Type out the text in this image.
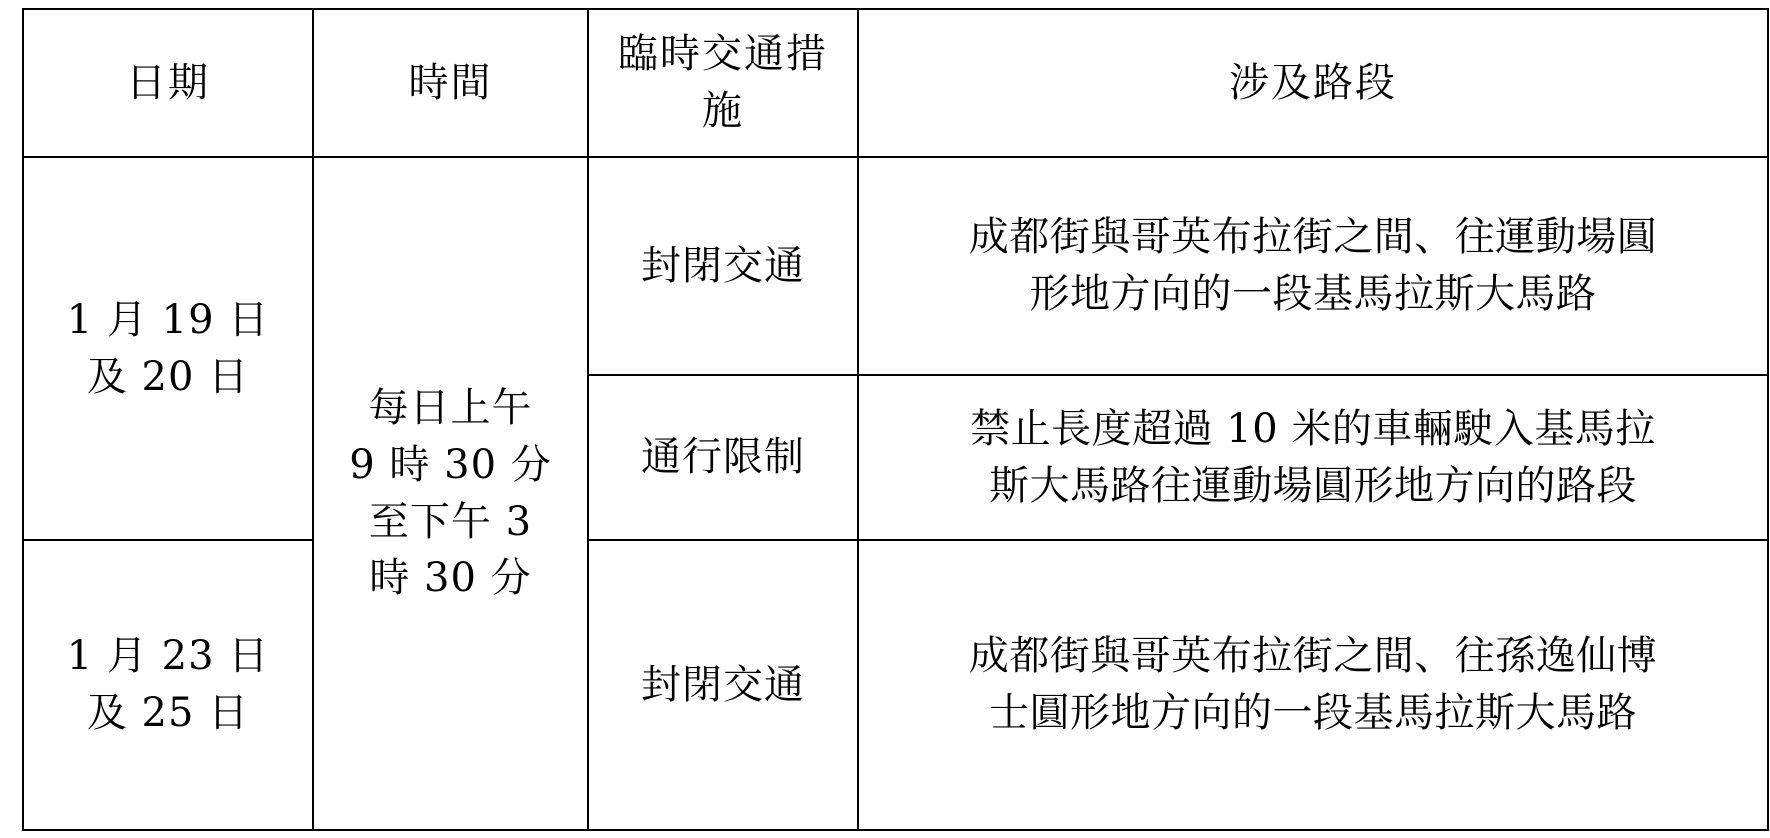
日期	時間	臨時交通措施	涉及路段

1 月 19 日
及 20 日	每日上午
9 時 30 分
至下午 3
時 30 分	封閉交通	成都街與哥英布拉街之間、往運動場圓
形地方向的一段基馬拉斯大馬路

		通行限制	禁止長度超過 10 米的車輛駛入基馬拉
斯大馬路往運動場圓形地方向的路段

1 月 23 日
及 25 日		封閉交通	成都街與哥英布拉街之間、往孫逸仙博
士圓形地方向的一段基馬拉斯大馬路
